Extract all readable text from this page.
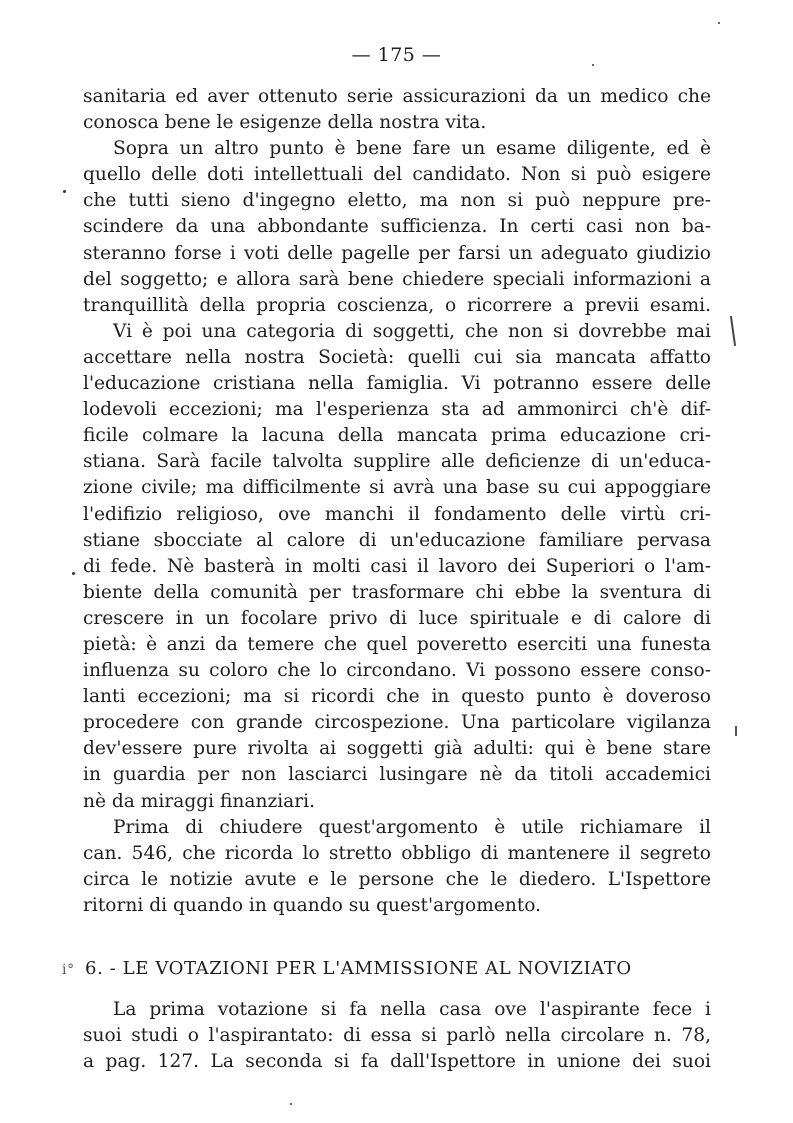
— 175 —
sanitaria ed aver ottenuto serie assicurazioni da un medico che
conosca bene le esigenze della nostra vita.
Sopra un altro punto è bene fare un esame diligente, ed è
quello delle doti intellettuali del candidato. Non si può esigere
che tutti sieno d'ingegno eletto, ma non si può neppure pre-
scindere da una abbondante sufficienza. In certi casi non ba-
steranno forse i voti delle pagelle per farsi un adeguato giudizio
del soggetto; e allora sarà bene chiedere speciali informazioni a
tranquillità della propria coscienza, o ricorrere a previi esami.
Vi è poi una categoria di soggetti, che non si dovrebbe mai
accettare nella nostra Società: quelli cui sia mancata affatto
l'educazione cristiana nella famiglia. Vi potranno essere delle
lodevoli eccezioni; ma l'esperienza sta ad ammonirci ch'è dif-
ficile colmare la lacuna della mancata prima educazione cri-
stiana. Sarà facile talvolta supplire alle deficienze di un'educa-
zione civile; ma difficilmente si avrà una base su cui appoggiare
l'edifizio religioso, ove manchi il fondamento delle virtù cri-
stiane sbocciate al calore di un'educazione familiare pervasa
di fede. Nè basterà in molti casi il lavoro dei Superiori o l'am-
biente della comunità per trasformare chi ebbe la sventura di
crescere in un focolare privo di luce spirituale e di calore di
pietà: è anzi da temere che quel poveretto eserciti una funesta
influenza su coloro che lo circondano. Vi possono essere conso-
lanti eccezioni; ma si ricordi che in questo punto è doveroso
procedere con grande circospezione. Una particolare vigilanza
dev'essere pure rivolta ai soggetti già adulti: qui è bene stare
in guardia per non lasciarci lusingare nè da titoli accademici
nè da miraggi finanziari.
Prima di chiudere quest'argomento è utile richiamare il
can. 546, che ricorda lo stretto obbligo di mantenere il segreto
circa le notizie avute e le persone che le diedero. L'Ispettore
ritorni di quando in quando su quest'argomento.
i° 6. - LE VOTAZIONI PER L'AMMISSIONE AL NOVIZIATO
La prima votazione si fa nella casa ove l'aspirante fece i
suoi studi o l'aspirantato: di essa si parlò nella circolare n. 78,
a pag. 127. La seconda si fa dall'Ispettore in unione dei suoi
